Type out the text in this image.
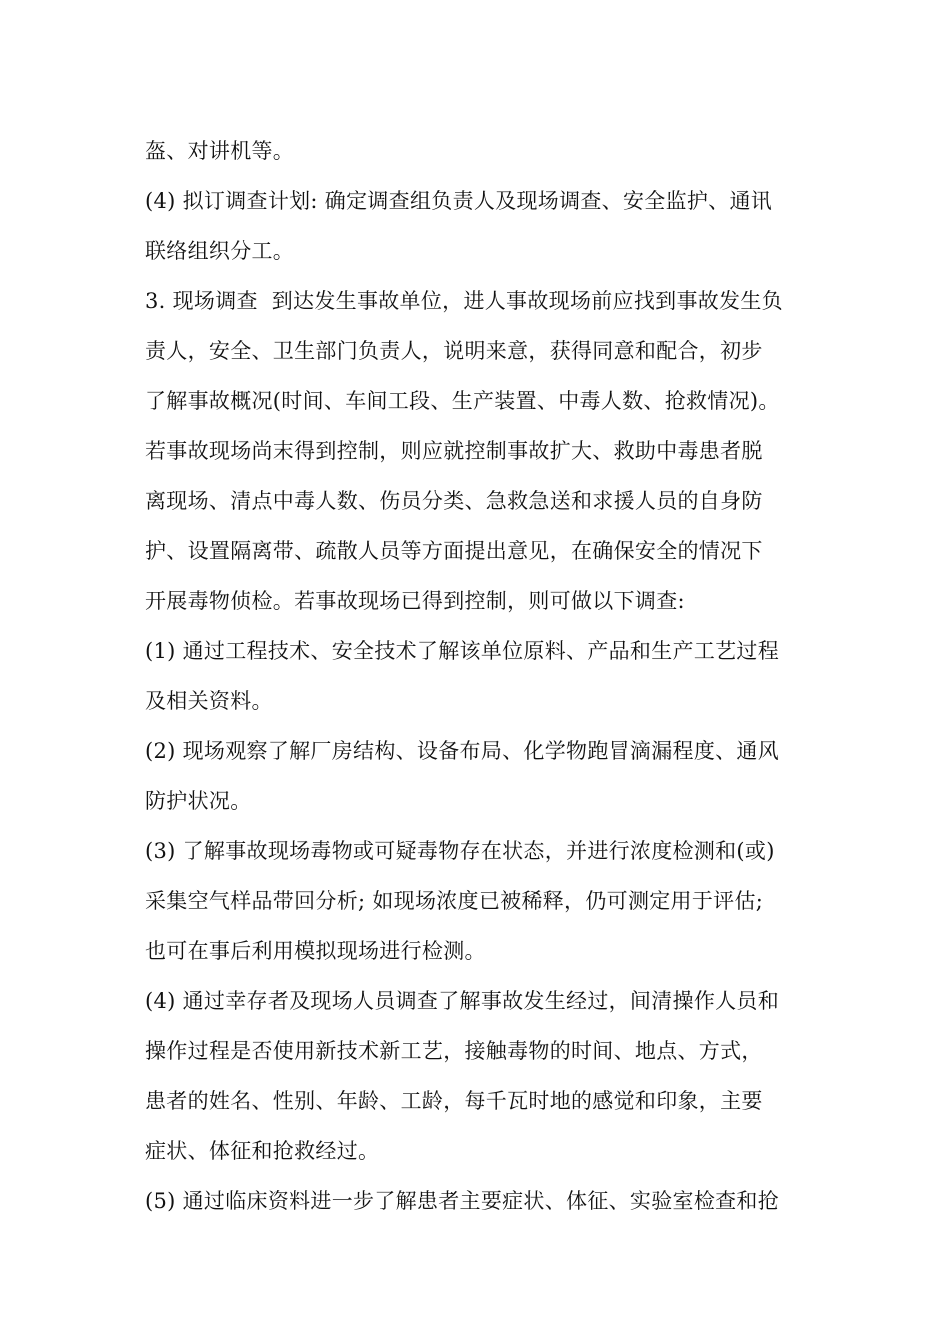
盔、对讲机等。
(4) 拟订调查计划: 确定调查组负责人及现场调查、安全监护、通讯
联络组织分工。
3. 现场调查  到达发生事故单位，进人事故现场前应找到事故发生负
责人，安全、卫生部门负责人，说明来意，获得同意和配合，初步
了解事故概况(时间、车间工段、生产装置、中毒人数、抢救情况)。
若事故现场尚末得到控制，则应就控制事故扩大、救助中毒患者脱
离现场、清点中毒人数、伤员分类、急救急送和求援人员的自身防
护、设置隔离带、疏散人员等方面提出意见，在确保安全的情况下
开展毒物侦检。若事故现场已得到控制，则可做以下调查:
(1) 通过工程技术、安全技术了解该单位原料、产品和生产工艺过程
及相关资料。
(2) 现场观察了解厂房结构、设备布局、化学物跑冒滴漏程度、通风
防护状况。
(3) 了解事故现场毒物或可疑毒物存在状态，并进行浓度检测和(或)
采集空气样品带回分析; 如现场浓度已被稀释，仍可测定用于评估;
也可在事后利用模拟现场进行检测。
(4) 通过幸存者及现场人员调查了解事故发生经过，间清操作人员和
操作过程是否使用新技术新工艺，接触毒物的时间、地点、方式，
患者的姓名、性别、年龄、工龄，每千瓦时地的感觉和印象，主要
症状、体征和抢救经过。
(5) 通过临床资料进一步了解患者主要症状、体征、实验室检查和抢
